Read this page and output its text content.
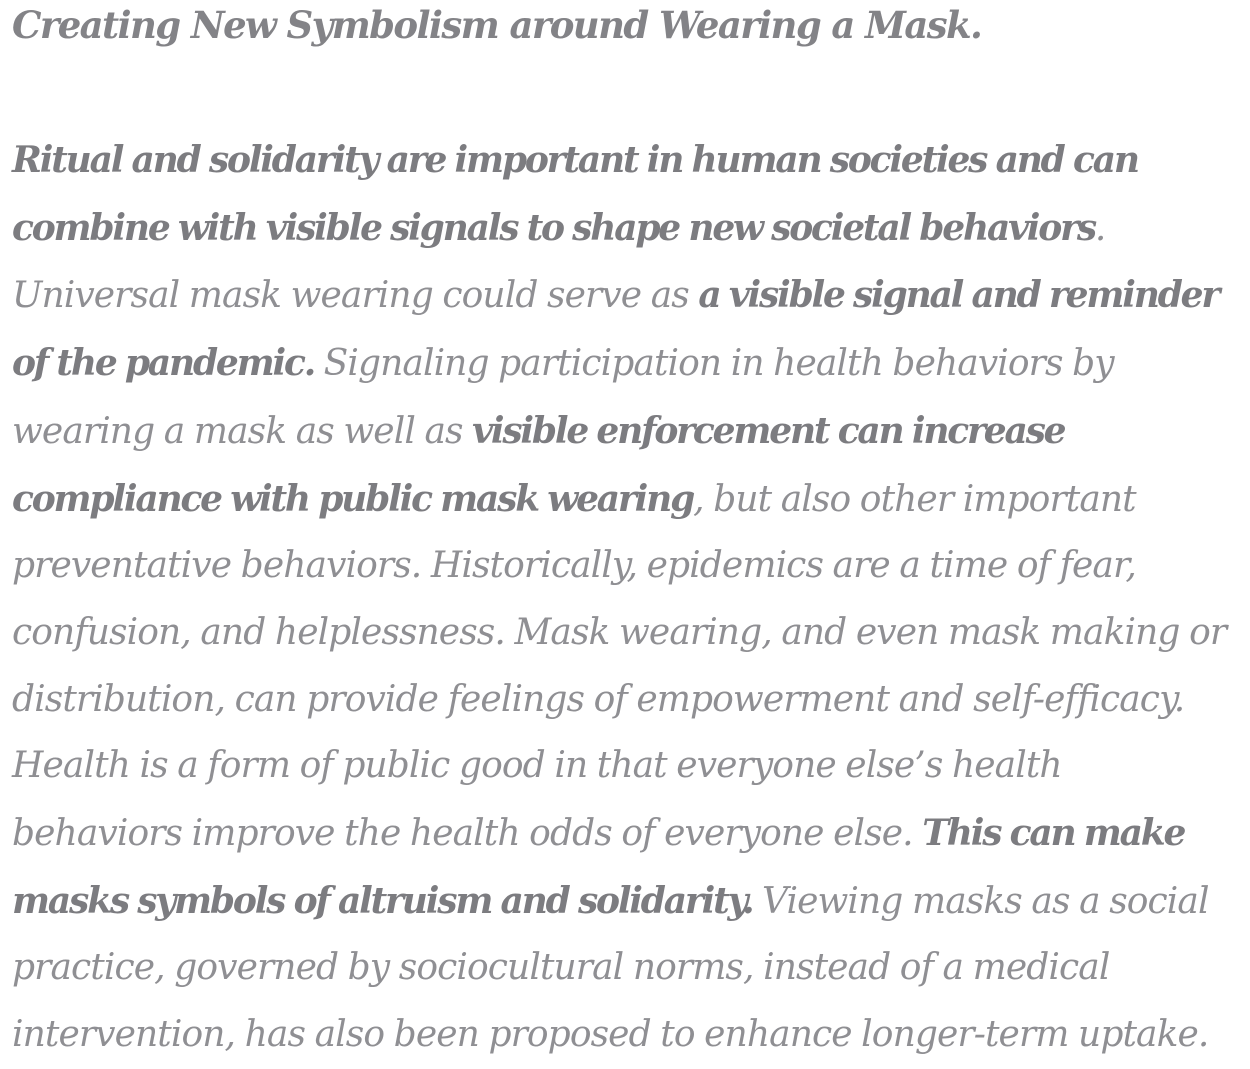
Creating New Symbolism around Wearing a Mask.

Ritual and solidarity are important in human societies and can combine with visible signals to shape new societal behaviors. Universal mask wearing could serve as a visible signal and reminder of the pandemic. Signaling participation in health behaviors by wearing a mask as well as visible enforcement can increase compliance with public mask wearing, but also other important preventative behaviors. Historically, epidemics are a time of fear, confusion, and helplessness. Mask wearing, and even mask making or distribution, can provide feelings of empowerment and self-efficacy. Health is a form of public good in that everyone else’s health behaviors improve the health odds of everyone else. This can make masks symbols of altruism and solidarity. Viewing masks as a social practice, governed by sociocultural norms, instead of a medical intervention, has also been proposed to enhance longer-term uptake.
